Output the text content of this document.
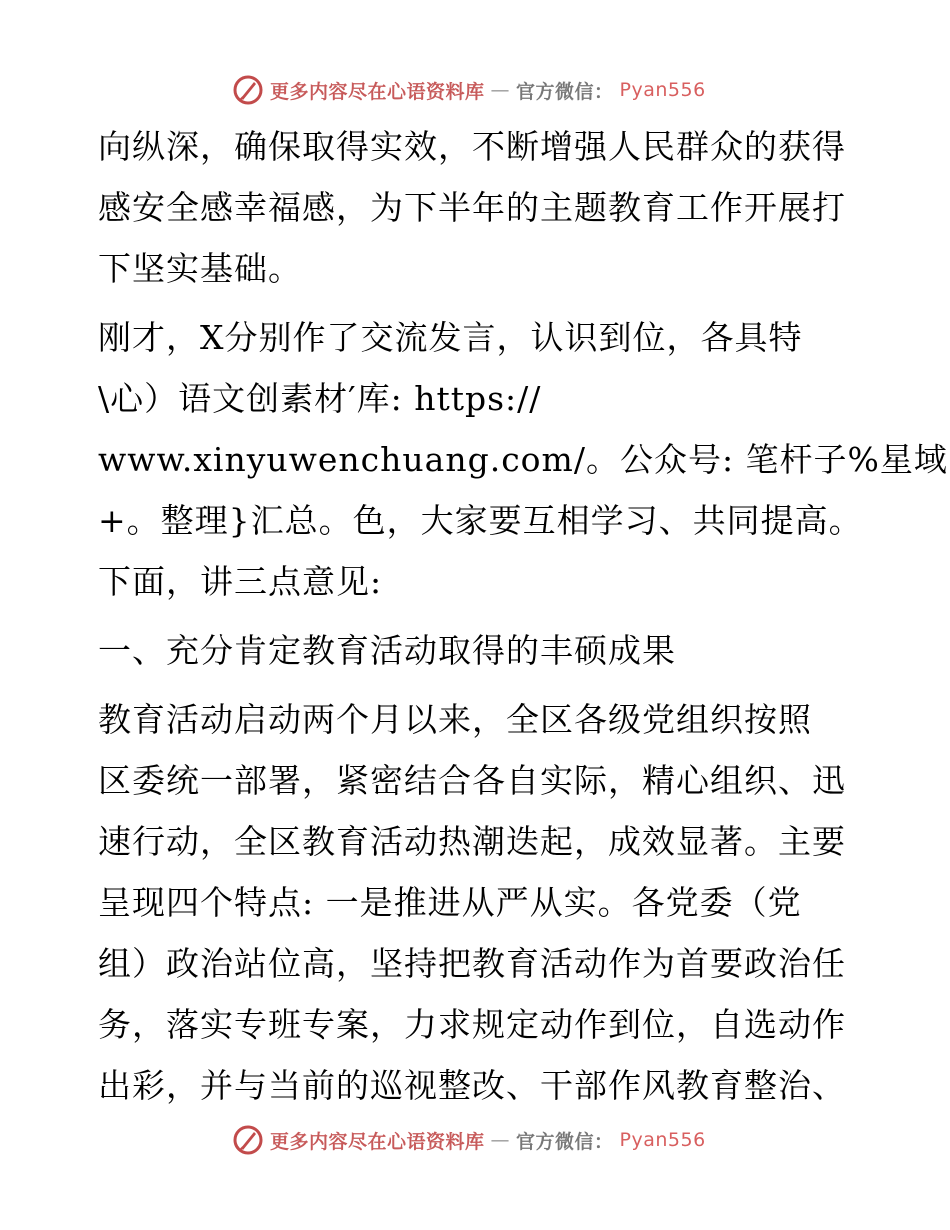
更多内容尽在心语资料库 — 官方微信： Pyan556
向纵深，确保取得实效，不断增强人民群众的获得
感安全感幸福感，为下半年的主题教育工作开展打
下坚实基础。
刚才，X分别作了交流发言，认识到位，各具特
\心）语文创素材′库: https://
www.xinyuwenchuang.com/。公众号: 笔杆子%星域
+。整理}汇总。色，大家要互相学习、共同提高。
下面，讲三点意见:
一、充分肯定教育活动取得的丰硕成果
教育活动启动两个月以来，全区各级党组织按照
区委统一部署，紧密结合各自实际，精心组织、迅
速行动，全区教育活动热潮迭起，成效显著。主要
呈现四个特点: 一是推进从严从实。各党委（党
组）政治站位高，坚持把教育活动作为首要政治任
务，落实专班专案，力求规定动作到位，自选动作
出彩，并与当前的巡视整改、干部作风教育整治、
更多内容尽在心语资料库 — 官方微信： Pyan556
